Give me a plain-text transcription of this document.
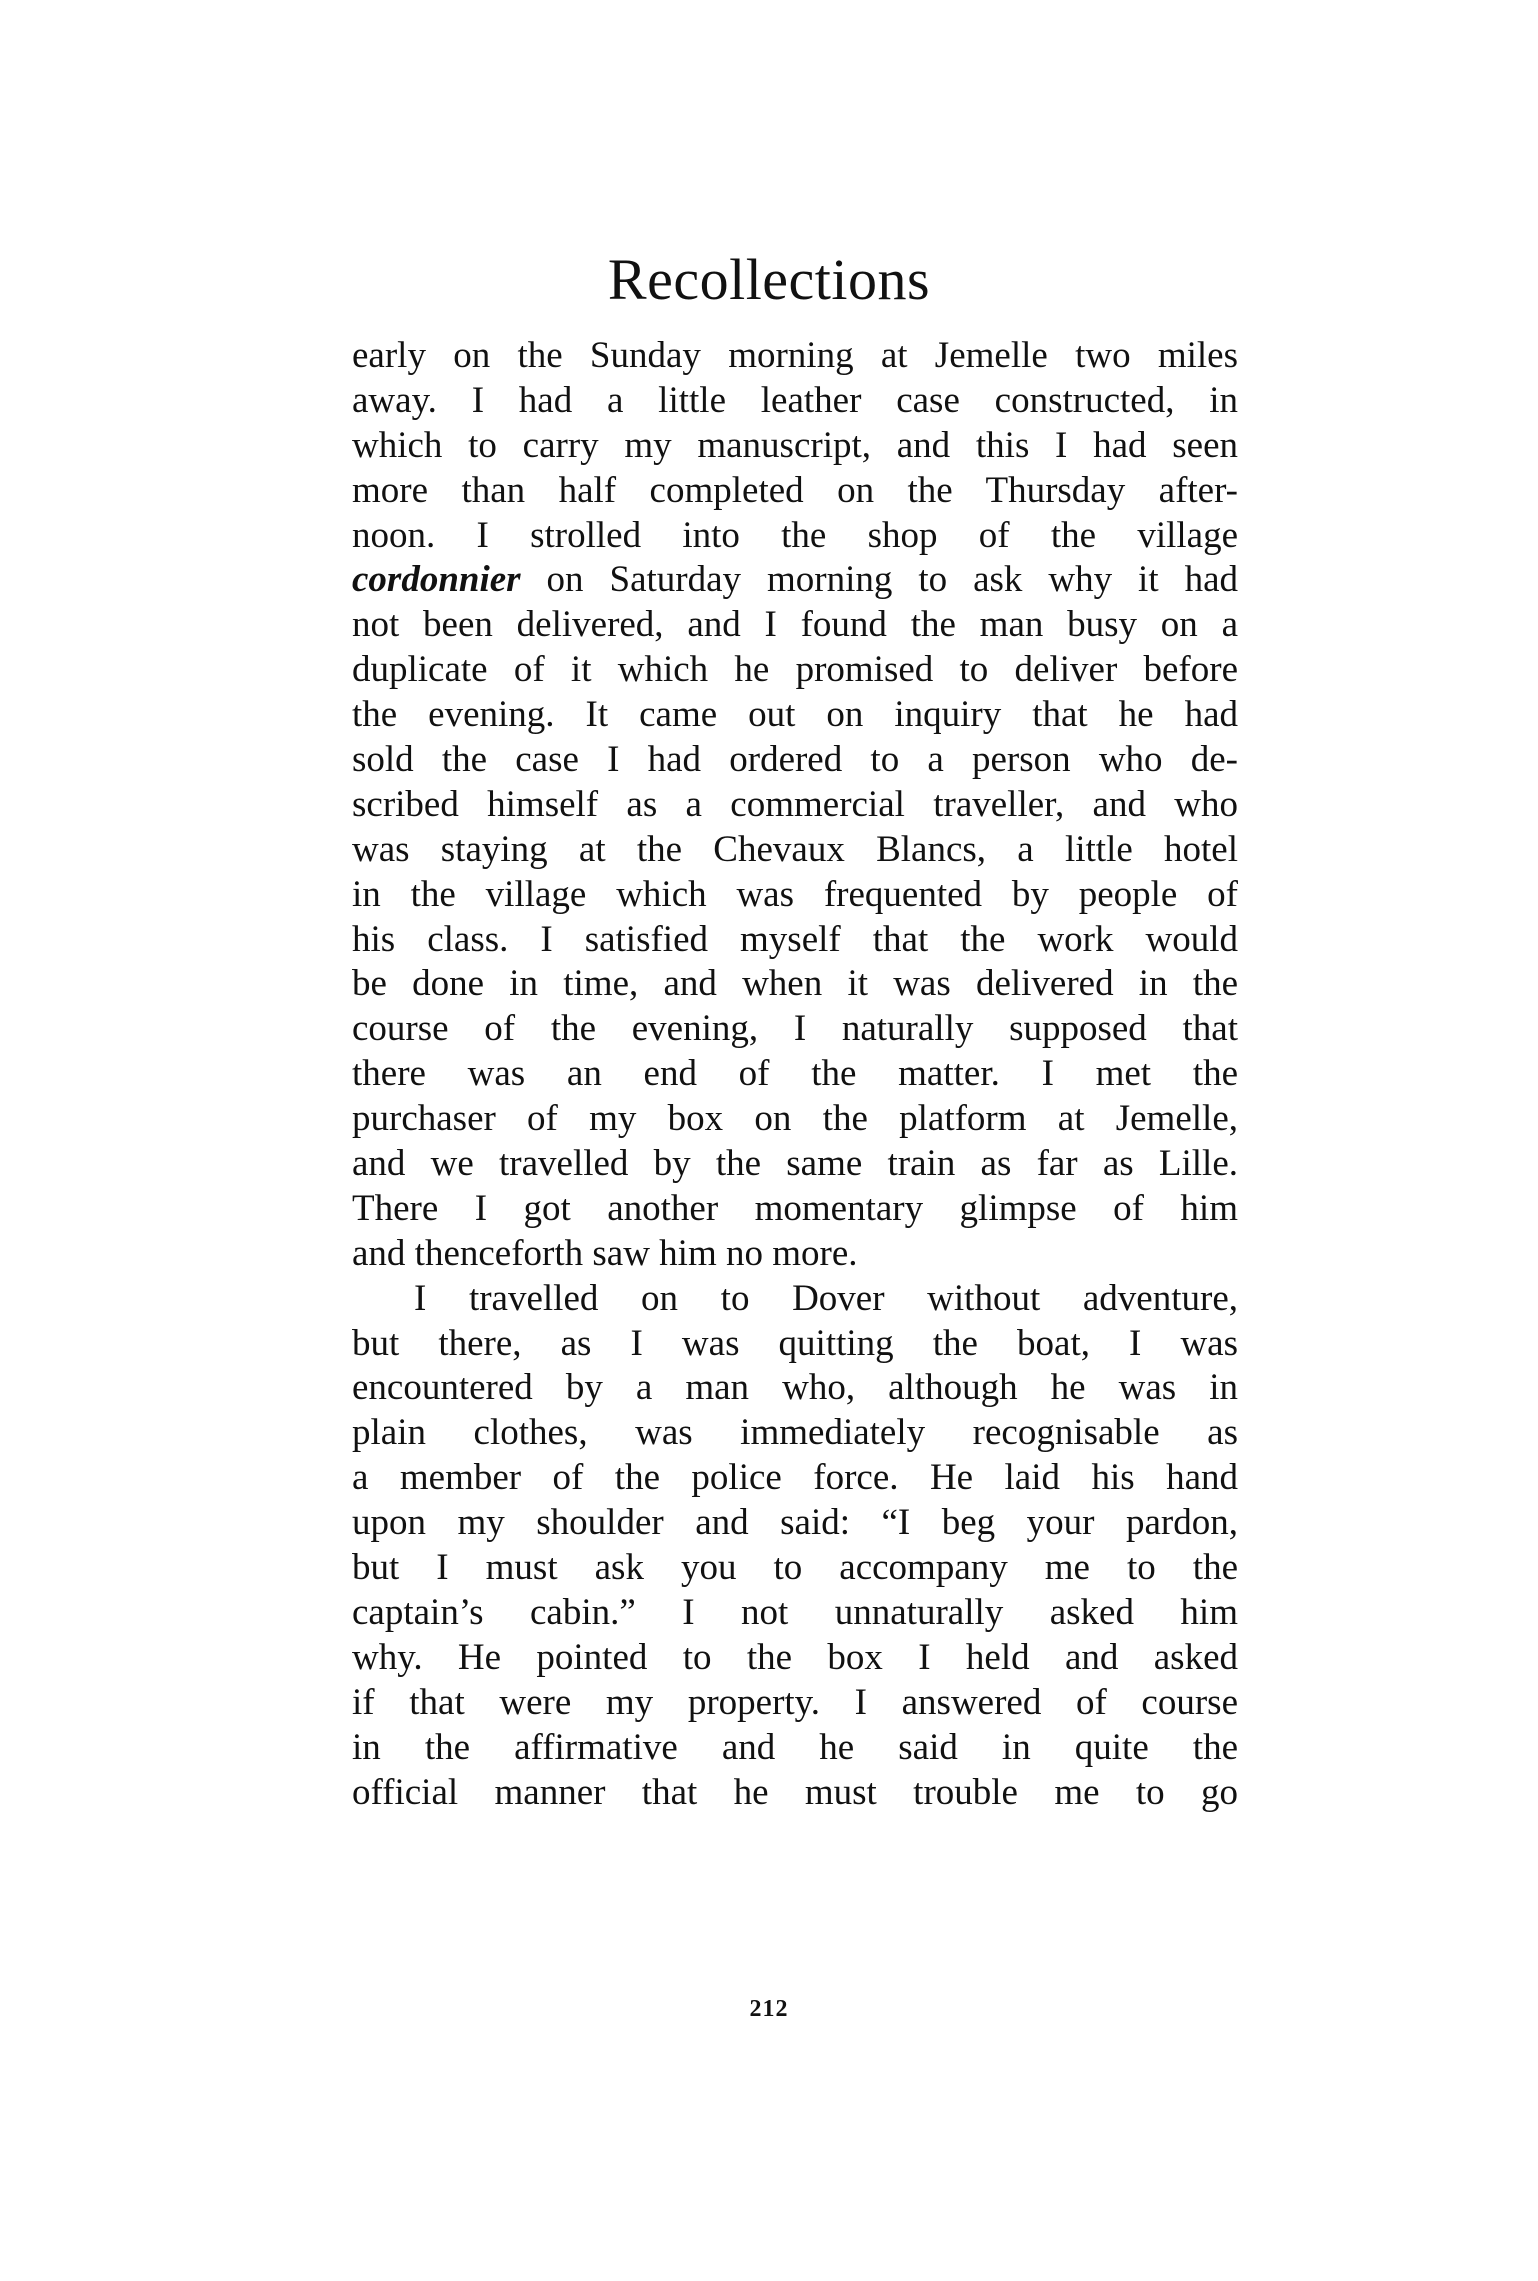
Recollections
early on the Sunday morning at Jemelle two miles
away. I had a little leather case constructed, in
which to carry my manuscript, and this I had seen
more than half completed on the Thursday after-
noon. I strolled into the shop of the village
cordonnier on Saturday morning to ask why it had
not been delivered, and I found the man busy on a
duplicate of it which he promised to deliver before
the evening. It came out on inquiry that he had
sold the case I had ordered to a person who de-
scribed himself as a commercial traveller, and who
was staying at the Chevaux Blancs, a little hotel
in the village which was frequented by people of
his class. I satisfied myself that the work would
be done in time, and when it was delivered in the
course of the evening, I naturally supposed that
there was an end of the matter. I met the
purchaser of my box on the platform at Jemelle,
and we travelled by the same train as far as Lille.
There I got another momentary glimpse of him
and thenceforth saw him no more.
I travelled on to Dover without adventure,
but there, as I was quitting the boat, I was
encountered by a man who, although he was in
plain clothes, was immediately recognisable as
a member of the police force. He laid his hand
upon my shoulder and said: “I beg your pardon,
but I must ask you to accompany me to the
captain’s cabin.” I not unnaturally asked him
why. He pointed to the box I held and asked
if that were my property. I answered of course
in the affirmative and he said in quite the
official manner that he must trouble me to go
212
